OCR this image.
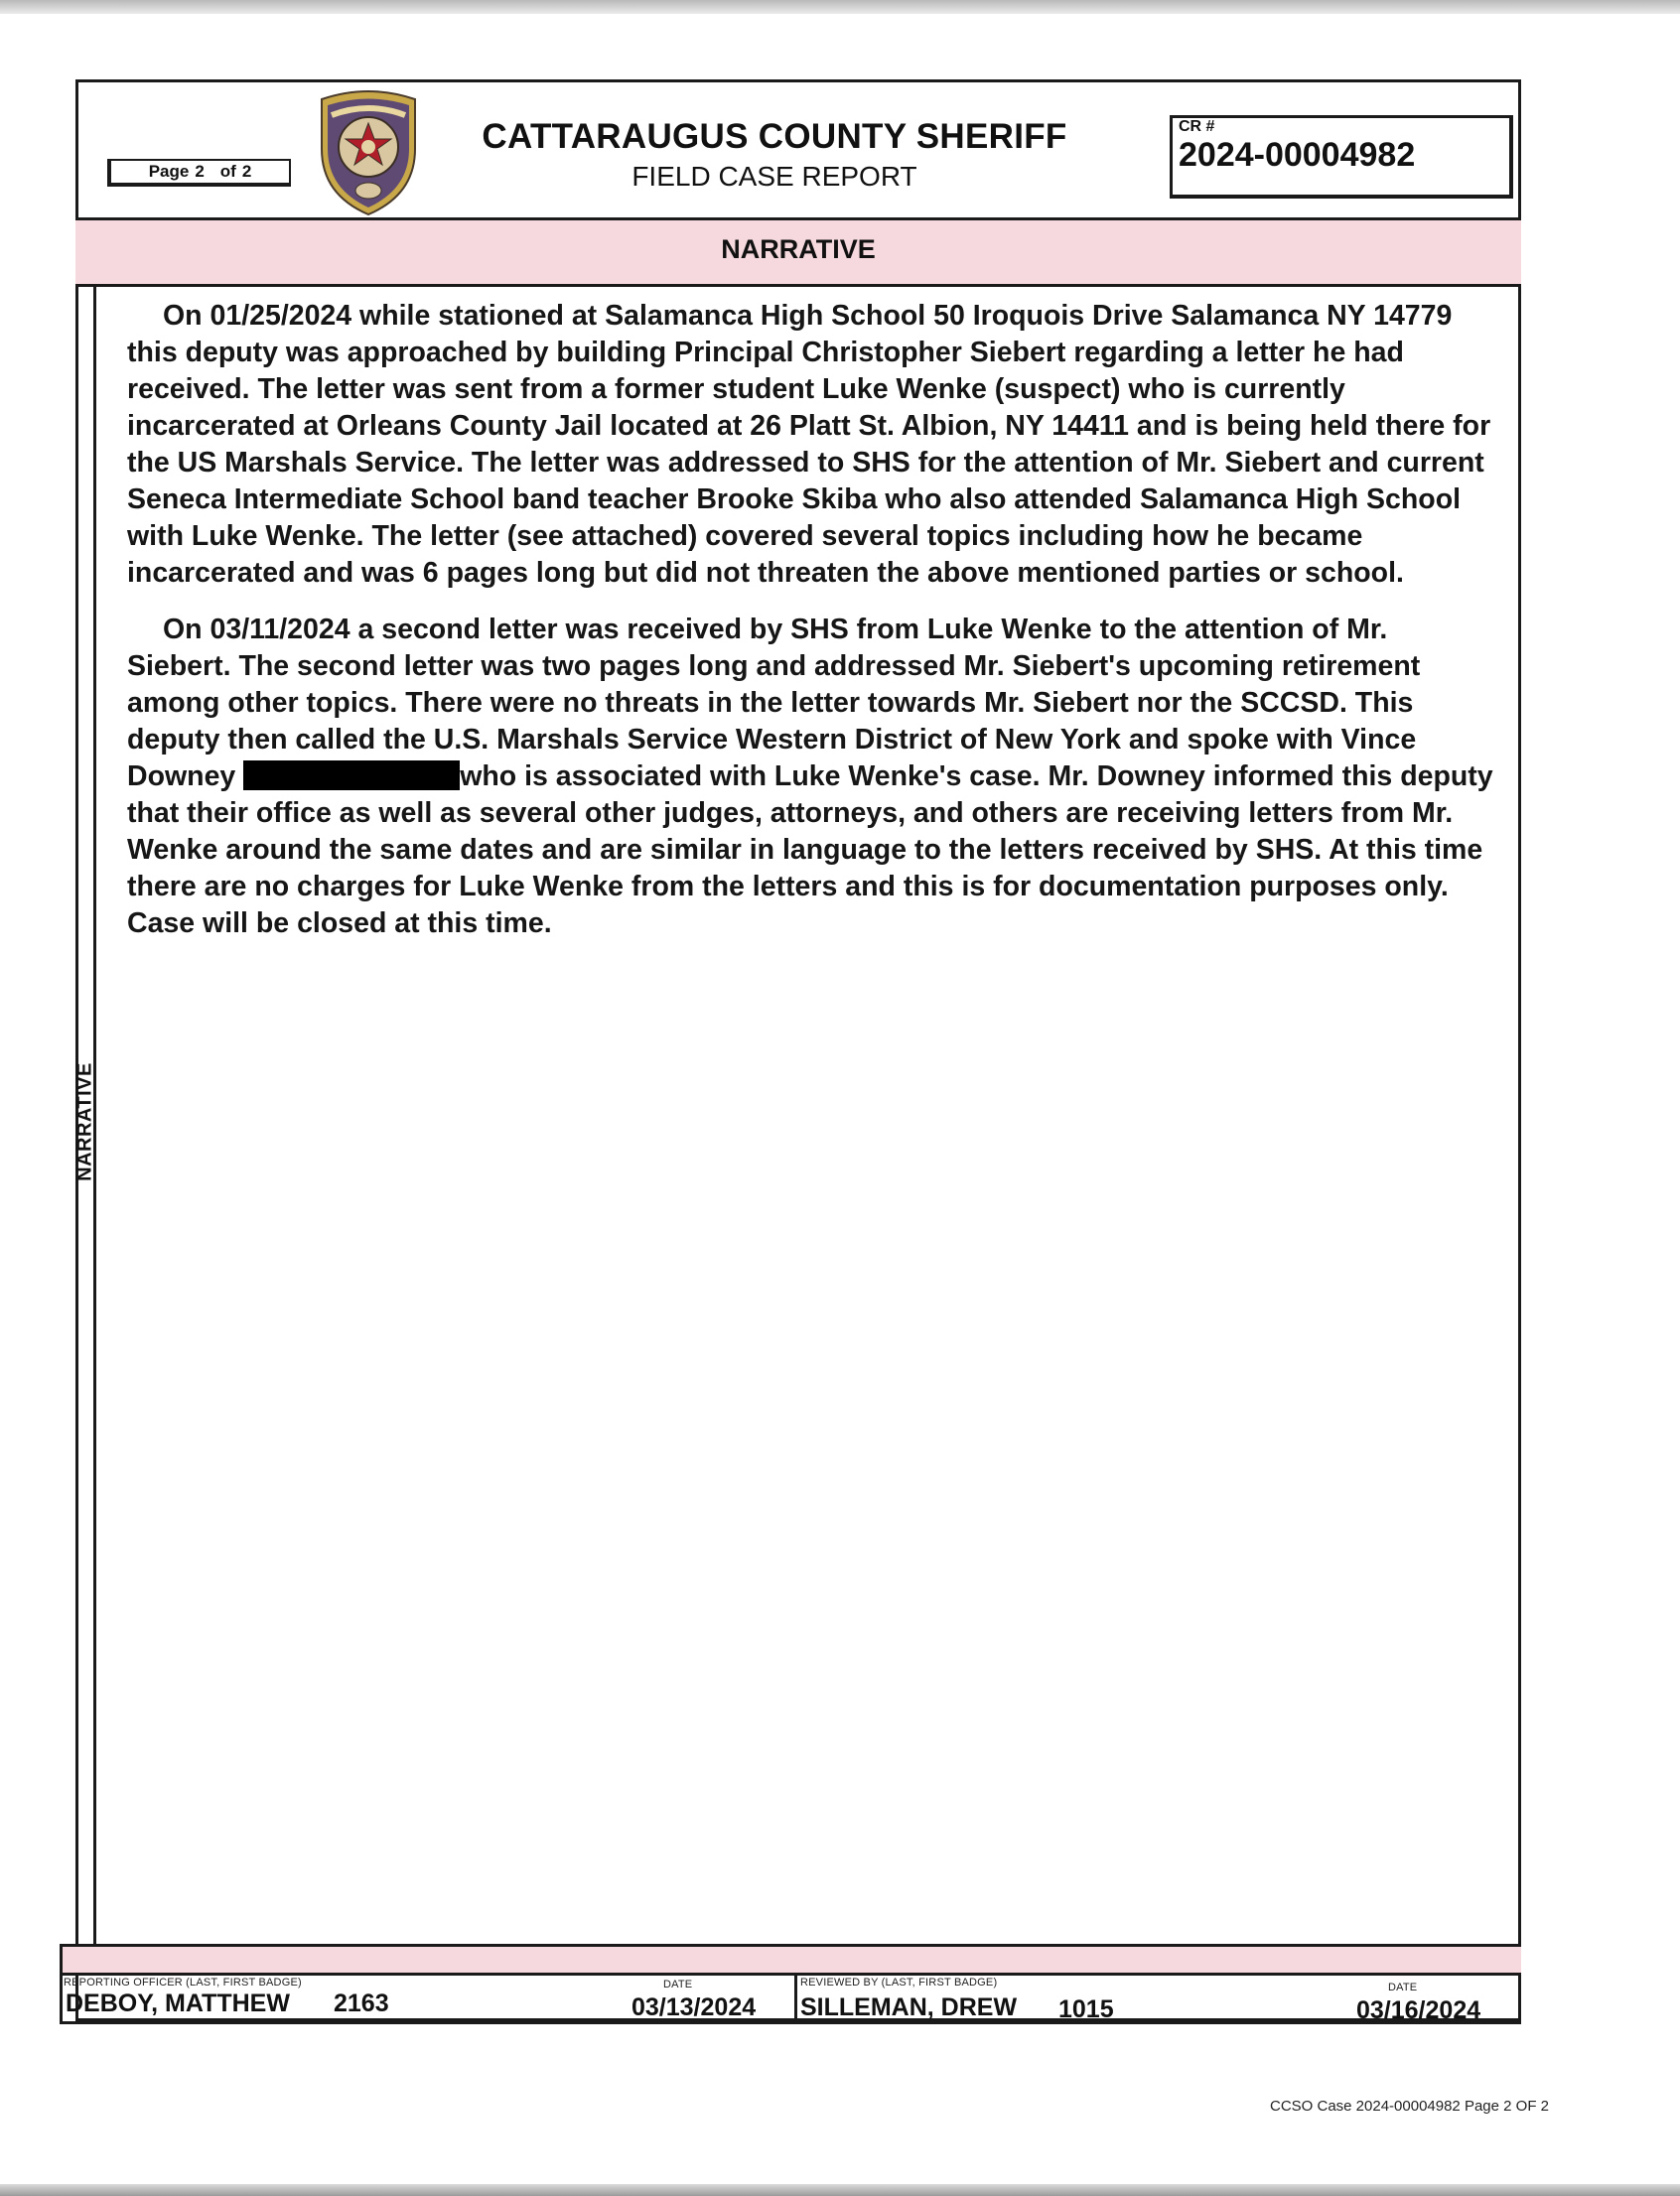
Page 2 of 2
CATTARAUGUS COUNTY SHERIFF
FIELD CASE REPORT
CR #
2024-00004982
NARRATIVE
NARRATIVE

On 01/25/2024 while stationed at Salamanca High School 50 Iroquois Drive Salamanca NY 14779 this deputy was approached by building Principal Christopher Siebert regarding a letter he had received. The letter was sent from a former student Luke Wenke (suspect) who is currently incarcerated at Orleans County Jail located at 26 Platt St. Albion, NY 14411 and is being held there for the US Marshals Service. The letter was addressed to SHS for the attention of Mr. Siebert and current Seneca Intermediate School band teacher Brooke Skiba who also attended Salamanca High School with Luke Wenke. The letter (see attached) covered several topics including how he became incarcerated and was 6 pages long but did not threaten the above mentioned parties or school.

On 03/11/2024 a second letter was received by SHS from Luke Wenke to the attention of Mr. Siebert. The second letter was two pages long and addressed Mr. Siebert's upcoming retirement among other topics. There were no threats in the letter towards Mr. Siebert nor the SCCSD. This deputy then called the U.S. Marshals Service Western District of New York and spoke with Vince Downey	who is associated with Luke Wenke's case. Mr. Downey informed this deputy that their office as well as several other judges, attorneys, and others are receiving letters from Mr. Wenke around the same dates and are similar in language to the letters received by SHS. At this time there are no charges for Luke Wenke from the letters and this is for documentation purposes only. Case will be closed at this time.

REPORTING OFFICER (LAST, FIRST BADGE)
DEBOY, MATTHEW 2163
DATE
03/13/2024
REVIEWED BY (LAST, FIRST BADGE)
SILLEMAN, DREW 1015
DATE
03/16/2024
CCSO Case 2024-00004982 Page 2 OF 2
